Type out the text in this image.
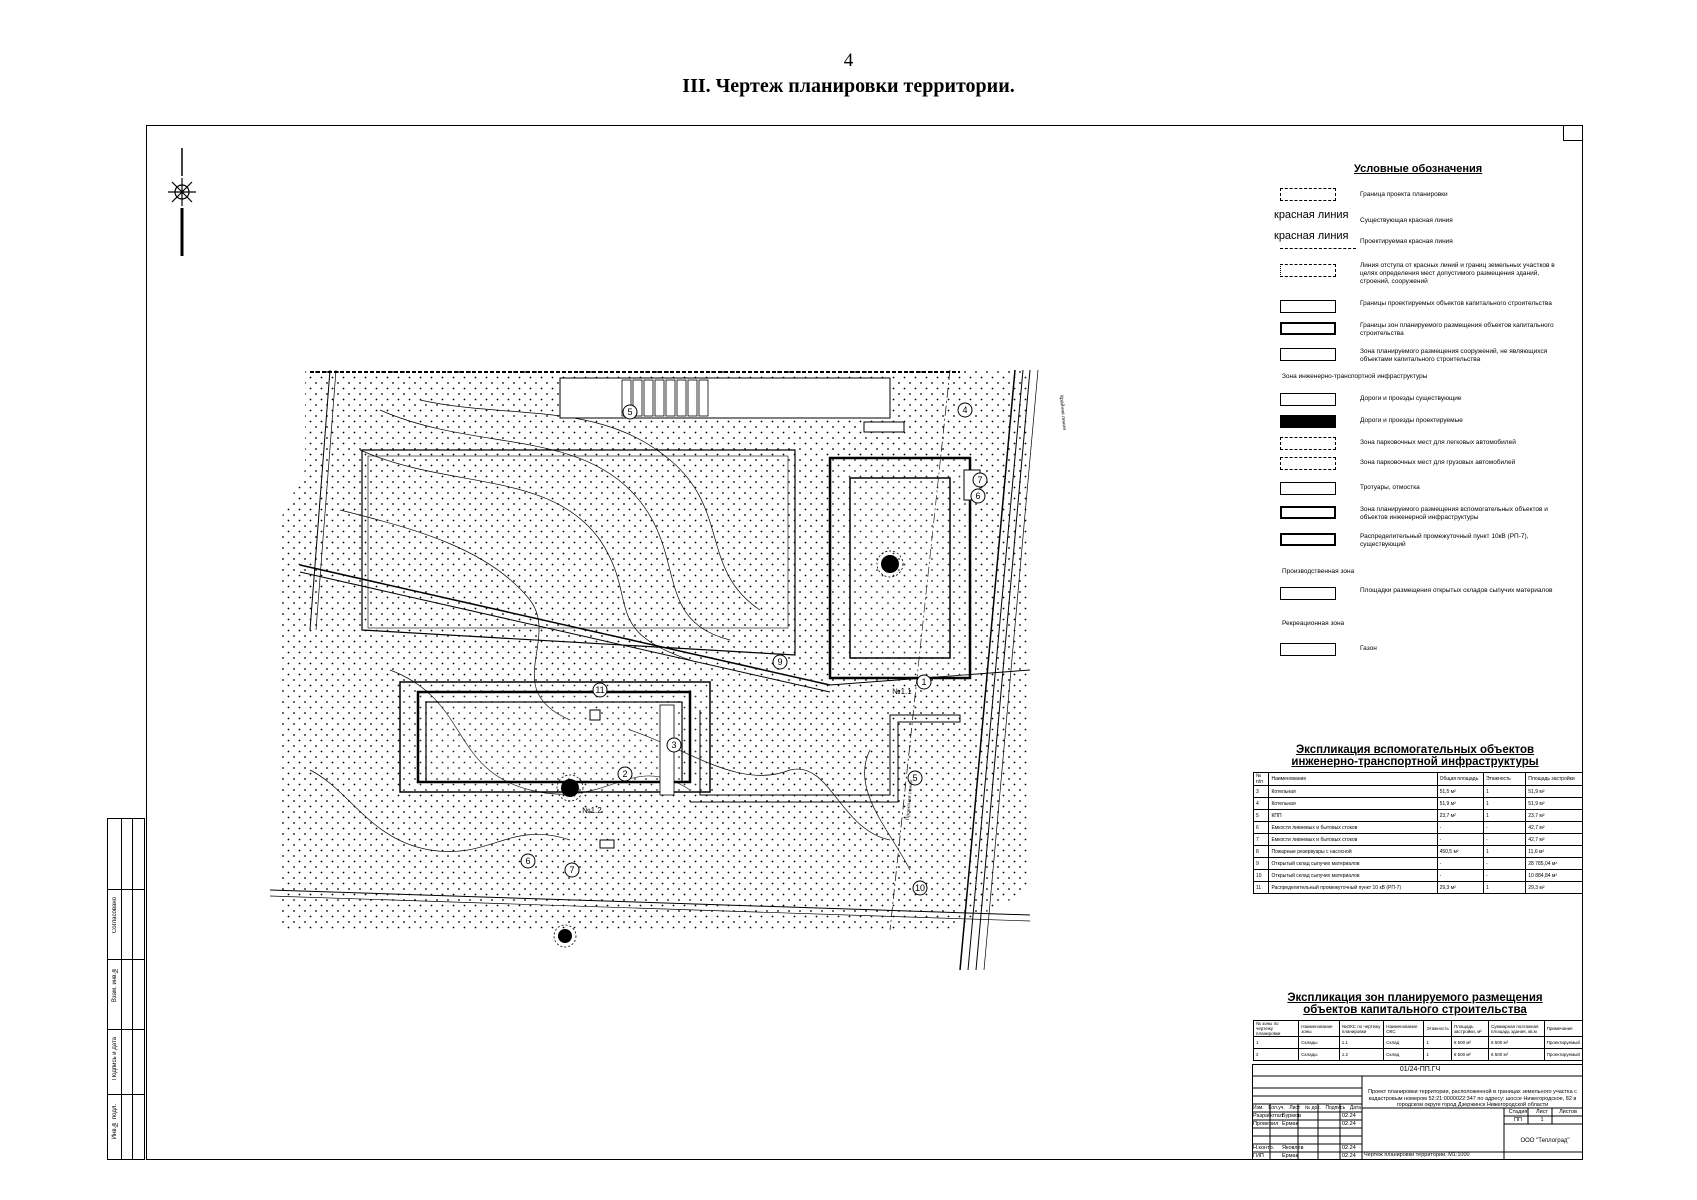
4
III. Чертеж планировки территории.
1
2
3
4
5
5
7
6
6
7
9
10
11	№1.1
№1.2
Крайняя линия
Проектная линия
Условные обозначения
Граница проекта планировки
красная линия Существующая красная линия
красная линия Проектируемая красная линия
Линия отступа от красных линий и границ земельных участков в целях определения мест допустимого размещения зданий, строений, сооружений
Границы проектируемых объектов капитального строительства
Границы зон планируемого размещения объектов капитального строительства
Зона планируемого размещения сооружений, не являющихся объектами капитального строительства
Зона инженерно-транспортной инфраструктуры
Дороги и проезды существующие
Дороги и проезды проектируемые
Зона парковочных мест для легковых автомобилей
Зона парковочных мест для грузовых автомобилей
Тротуары, отмостка
Зона планируемого размещения вспомогательных объектов и объектов инженерной инфраструктуры
Распределительный промежуточный пункт 10кВ (РП-7), существующий
Производственная зона
Площадки размещения открытых складов сыпучих материалов
Рекреационная зона
Газон
Экспликация вспомогательных объектов
инженерно-транспортной инфраструктуры
№ п/п	Наименование	Общая площадь	Этажность	Площадь застройки
3	Котельная	51,5 м²	1	51,9 м²
4	Котельная	51,9 м²	1	51,9 м²
5	КПП	23,7 м²	1	23,7 м²
6	Емкости ливневых и бытовых стоков	-	-	42,7 м²
7	Емкости ливневых и бытовых стоков	-	-	42,7 м²
8	Пожарные резервуары с насосной	450,5 м²	1	11,6 м²
9	Открытый склад сыпучих материалов	-	-	28 785,04 м²
10	Открытый склад сыпучих материалов	-	-	10 884,84 м²
11	Распределительный промежуточный пункт 10 кВ (РП-7)	29,3 м²	1	29,3 м²
Экспликация зон планируемого размещения
объектов капитального строительства
№ зоны по чертежу планировки	Наименование зоны	№ОКС по чертежу планировки	Наименование ОКС	Этажность	Площадь застройки, м²	Суммарная поэтажная площадь здания, кв.м	Примечание
1	Склады	1.1	Склад	1	6 500 м²	6 500 м²	Проектируемый
2	Склады	1.2	Склад	1	6 500 м²	6 500 м²	Проектируемый
01/24-ПП.ГЧ
Проект планировки территории, расположенной в границах земельного участка с кадастровым номером 52:21:0000022:347 по адресу: шоссе Нижегородское, 82 в городском округе город Дзержинск Нижегородской области
Изм. Кол.уч. Лист № док. Подпись Дата
Разработал Бурмов	02.24
Проверил Ермак	02.24
Н.контр. Яковлев	02.24
ГИП	Ермак	02.24
Стадия	Лист	Листов
ПП	1
ООО "Теплоград"
Чертеж планировки территории, М1:1000
Инв.№ подл.
Подпись и дата
Взам. инв.№
Согласовано
